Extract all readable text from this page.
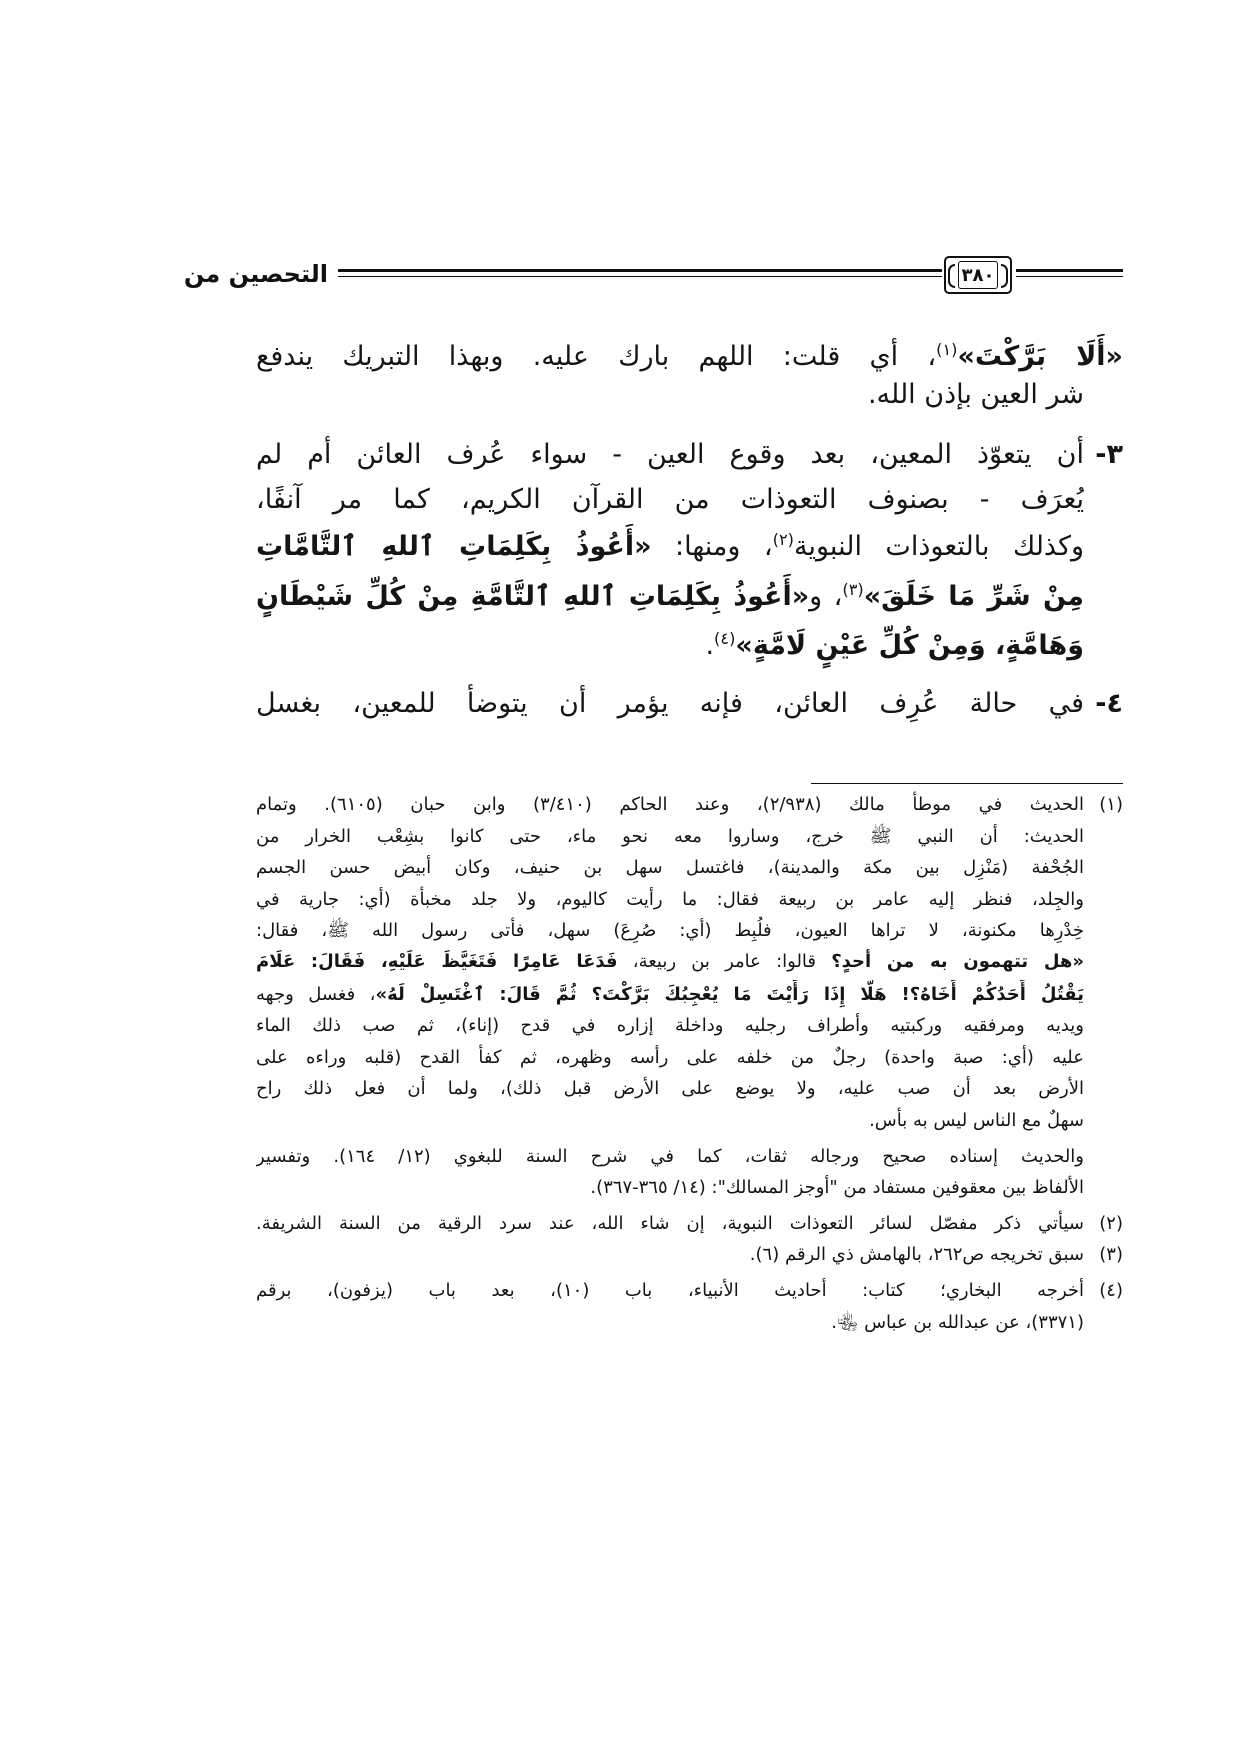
التحصين من	٣٨٠
«أَلَا بَرَّكْتَ»$^{(١)}$، أي قلت: اللهم بارك عليه. وبهذا التبريك يندفع
شر العين بإذن الله.
٣-
أن يتعوّذ المعين، بعد وقوع العين - سواء عُرف العائن أم لم
يُعرَف - بصنوف التعوذات من القرآن الكريم، كما مر آنفًا،
وكذلك بالتعوذات النبوية$^{(٢)}$، ومنها: «أَعُوذُ بِكَلِمَاتِ ٱللهِ ٱلتَّامَّاتِ
مِنْ شَرِّ مَا خَلَقَ»$^{(٣)}$، و«أَعُوذُ بِكَلِمَاتِ ٱللهِ ٱلتَّامَّةِ مِنْ كُلِّ شَيْطَانٍ
وَهَامَّةٍ، وَمِنْ كُلِّ عَيْنٍ لَامَّةٍ»$^{(٤)}$.
٤-
في حالة عُرِف العائن، فإنه يؤمر أن يتوضأ للمعين، بغسل
(١)
الحديث في موطأ مالك (٢/٩٣٨)، وعند الحاكم (٣/٤١٠) وابن حبان (٦١٠٥). وتمام
الحديث: أن النبي ﷺ خرج، وساروا معه نحو ماء، حتى كانوا بشِعْب الخرار من
الجُحْفة (مَنْزِل بين مكة والمدينة)، فاغتسل سهل بن حنيف، وكان أبيض حسن الجسم
والجِلد، فنظر إليه عامر بن ربيعة فقال: ما رأيت كاليوم، ولا جلد مخبأة (أي: جارية في
خِدْرِها مكنونة، لا تراها العيون، فلُبِط (أي: صُرِعَ) سهل، فأتى رسول الله ﷺ، فقال:
«هل تتهمون به من أحدٍ؟ قالوا: عامر بن ربيعة، فَدَعَا عَامِرًا فَتَغَيَّظَ عَلَيْهِ، فَقَالَ: عَلَامَ
يَقْتُلُ أَحَدُكُمْ أَخَاهُ؟! هَلَّا إِذَا رَأَيْتَ مَا يُعْجِبُكَ بَرَّكْتَ؟ ثُمَّ قَالَ: ٱغْتَسِلْ لَهُ»، فغسل وجهه
ويديه ومرفقيه وركبتيه وأطراف رجليه وداخلة إزاره في قدح (إناء)، ثم صب ذلك الماء
عليه (أي: صبة واحدة) رجلٌ من خلفه على رأسه وظهره، ثم كفأ القدح (قلبه وراءه على
الأرض بعد أن صب عليه، ولا يوضع على الأرض قبل ذلك)، ولما أن فعل ذلك راح
سهلٌ مع الناس ليس به بأس.
والحديث إسناده صحيح ورجاله ثقات، كما في شرح السنة للبغوي (١٢/ ١٦٤). وتفسير
الألفاظ بين معقوفين مستفاد من "أوجز المسالك": (١٤/ ٣٦٥-٣٦٧).
(٢)
سيأتي ذكر مفصّل لسائر التعوذات النبوية، إن شاء الله، عند سرد الرقية من السنة الشريفة.
(٣)
سبق تخريجه ص٢٦٢، بالهامش ذي الرقم (٦).
(٤)
أخرجه البخاري؛ كتاب: أحاديث الأنبياء، باب (١٠)، بعد باب (يزفون)، برقم
(٣٣٧١)، عن عبدالله بن عباس ﵄.
